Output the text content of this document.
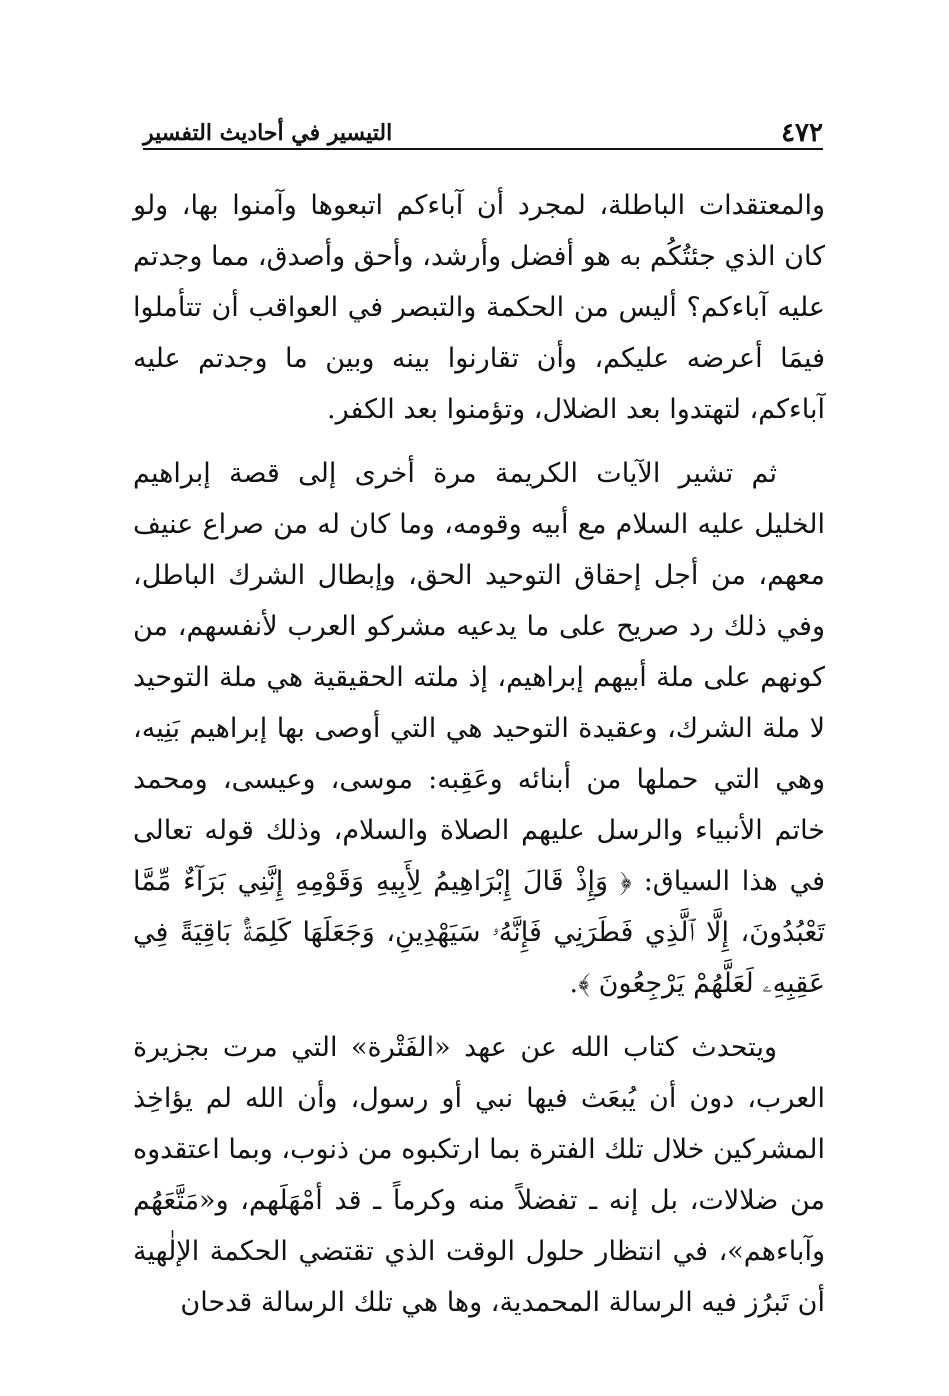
٤٧٢
التيسير في أحاديث التفسير

والمعتقدات الباطلة، لمجرد أن آباءكم اتبعوها وآمنوا بها، ولو كان الذي جئتُكُم به هو أفضل وأرشد، وأحق وأصدق، مما وجدتم عليه آباءكم؟ أليس من الحكمة والتبصر في العواقب أن تتأملوا فيمَا أعرضه عليكم، وأن تقارنوا بينه وبين ما وجدتم عليه آباءكم، لتهتدوا بعد الضلال، وتؤمنوا بعد الكفر.

ثم تشير الآيات الكريمة مرة أخرى إلى قصة إبراهيم الخليل عليه السلام مع أبيه وقومه، وما كان له من صراع عنيف معهم، من أجل إحقاق التوحيد الحق، وإبطال الشرك الباطل، وفي ذلك رد صريح على ما يدعيه مشركو العرب لأنفسهم، من كونهم على ملة أبيهم إبراهيم، إذ ملته الحقيقية هي ملة التوحيد لا ملة الشرك، وعقيدة التوحيد هي التي أوصى بها إبراهيم بَنِيه، وهي التي حملها من أبنائه وعَقِبه: موسى، وعيسى، ومحمد خاتم الأنبياء والرسل عليهم الصلاة والسلام، وذلك قوله تعالى في هذا السياق: ﴿ وَإِذْ قَالَ إِبْرَاهِيمُ لِأَبِيهِ وَقَوْمِهِ إِنَّنِي بَرَآءٌ مِّمَّا تَعْبُدُونَ، إِلَّا ٱلَّذِي فَطَرَنِي فَإِنَّهُۥ سَيَهْدِينِ، وَجَعَلَهَا كَلِمَةًۢ بَاقِيَةً فِي عَقِبِهِۦ لَعَلَّهُمْ يَرْجِعُونَ ﴾.

ويتحدث كتاب الله عن عهد «الفَتْرة» التي مرت بجزيرة العرب، دون أن يُبعَث فيها نبي أو رسول، وأن الله لم يؤاخِذ المشركين خلال تلك الفترة بما ارتكبوه من ذنوب، وبما اعتقدوه من ضلالات، بل إنه ـ تفضلاً منه وكرماً ـ قد أمْهَلَهم، و«مَتَّعَهُم وآباءهم»، في انتظار حلول الوقت الذي تقتضي الحكمة الإلٰهية أن تَبرُز فيه الرسالة المحمدية، وها هي تلك الرسالة قدحان
